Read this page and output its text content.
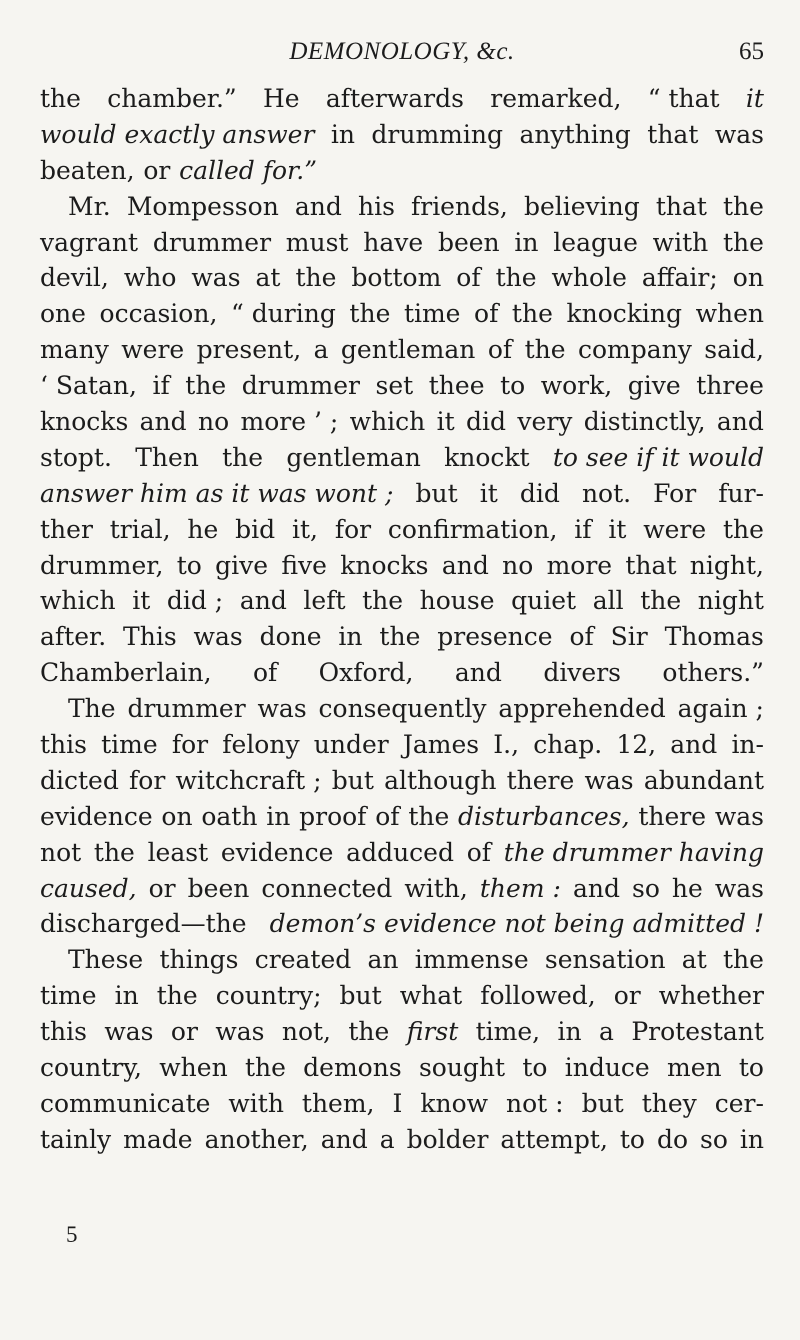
DEMONOLOGY, &c.	65
the chamber.” He afterwards remarked, “ that it
would exactly answer in drumming anything that was
beaten, or called for.”
Mr. Mompesson and his friends, believing that the
vagrant drummer must have been in league with the
devil, who was at the bottom of the whole affair; on
one occasion, “ during the time of the knocking when
many were present, a gentleman of the company said,
‘ Satan, if the drummer set thee to work, give three
knocks and no more ’ ; which it did very distinctly, and
stopt. Then the gentleman knockt to see if it would
answer him as it was wont ; but it did not. For fur-
ther trial, he bid it, for confirmation, if it were the
drummer, to give five knocks and no more that night,
which it did ; and left the house quiet all the night
after. This was done in the presence of Sir Thomas
Chamberlain, of Oxford, and divers others.”
The drummer was consequently apprehended again ;
this time for felony under James I., chap. 12, and in-
dicted for witchcraft ; but although there was abundant
evidence on oath in proof of the disturbances, there was
not the least evidence adduced of the drummer having
caused, or been connected with, them : and so he was
discharged—the demon’s evidence not being admitted !
These things created an immense sensation at the
time in the country; but what followed, or whether
this was or was not, the first time, in a Protestant
country, when the demons sought to induce men to
communicate with them, I know not : but they cer-
tainly made another, and a bolder attempt, to do so in
5
